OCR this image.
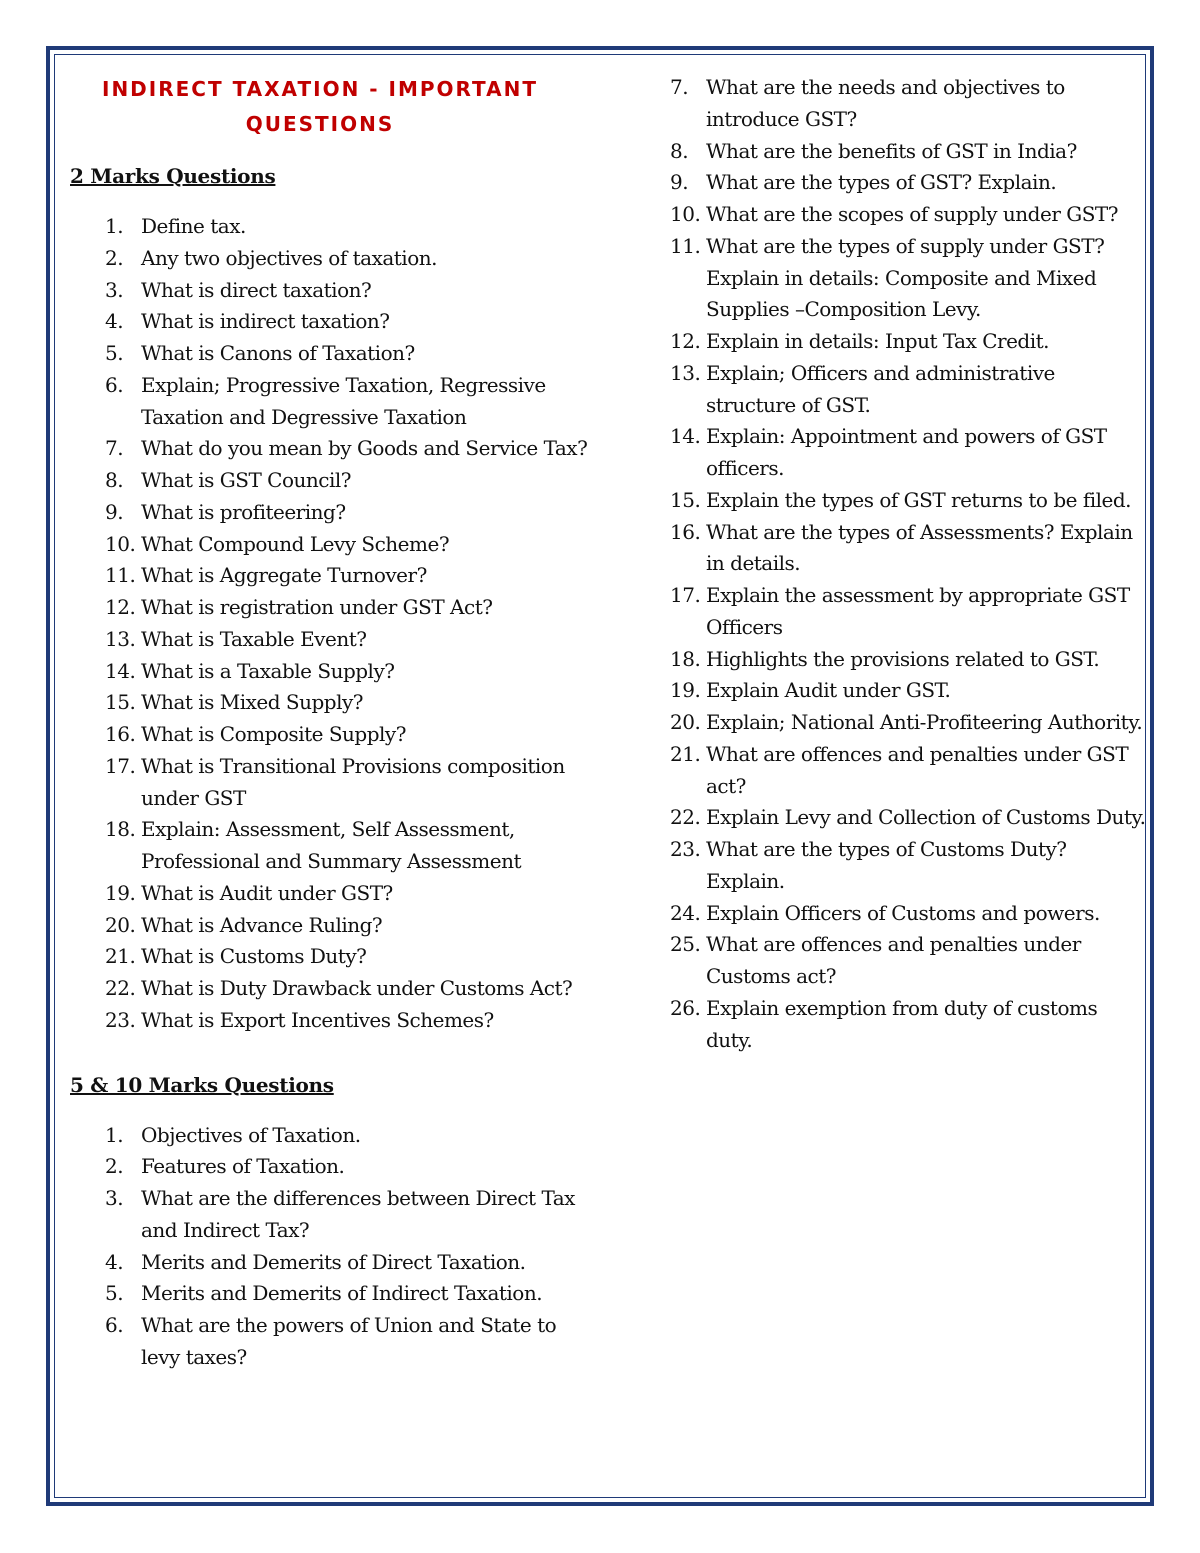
INDIRECT TAXATION - IMPORTANT QUESTIONS
2 Marks Questions
1. Define tax.
2. Any two objectives of taxation.
3. What is direct taxation?
4. What is indirect taxation?
5. What is Canons of Taxation?
6. Explain; Progressive Taxation, Regressive Taxation and Degressive Taxation
7. What do you mean by Goods and Service Tax?
8. What is GST Council?
9. What is profiteering?
10. What Compound Levy Scheme?
11. What is Aggregate Turnover?
12. What is registration under GST Act?
13. What is Taxable Event?
14. What is a Taxable Supply?
15. What is Mixed Supply?
16. What is Composite Supply?
17. What is Transitional Provisions composition under GST
18. Explain: Assessment, Self Assessment, Professional and Summary Assessment
19. What is Audit under GST?
20. What is Advance Ruling?
21. What is Customs Duty?
22. What is Duty Drawback under Customs Act?
23. What is Export Incentives Schemes?
5 & 10 Marks Questions
1. Objectives of Taxation.
2. Features of Taxation.
3. What are the differences between Direct Tax and Indirect Tax?
4. Merits and Demerits of Direct Taxation.
5. Merits and Demerits of Indirect Taxation.
6. What are the powers of Union and State to levy taxes?
7. What are the needs and objectives to introduce GST?
8. What are the benefits of GST in India?
9. What are the types of GST? Explain.
10. What are the scopes of supply under GST?
11. What are the types of supply under GST? Explain in details: Composite and Mixed Supplies –Composition Levy.
12. Explain in details: Input Tax Credit.
13. Explain; Officers and administrative structure of GST.
14. Explain: Appointment and powers of GST officers.
15. Explain the types of GST returns to be filed.
16. What are the types of Assessments? Explain in details.
17. Explain the assessment by appropriate GST Officers
18. Highlights the provisions related to GST.
19. Explain Audit under GST.
20. Explain; National Anti-Profiteering Authority.
21. What are offences and penalties under GST act?
22. Explain Levy and Collection of Customs Duty.
23. What are the types of Customs Duty? Explain.
24. Explain Officers of Customs and powers.
25. What are offences and penalties under Customs act?
26. Explain exemption from duty of customs duty.
